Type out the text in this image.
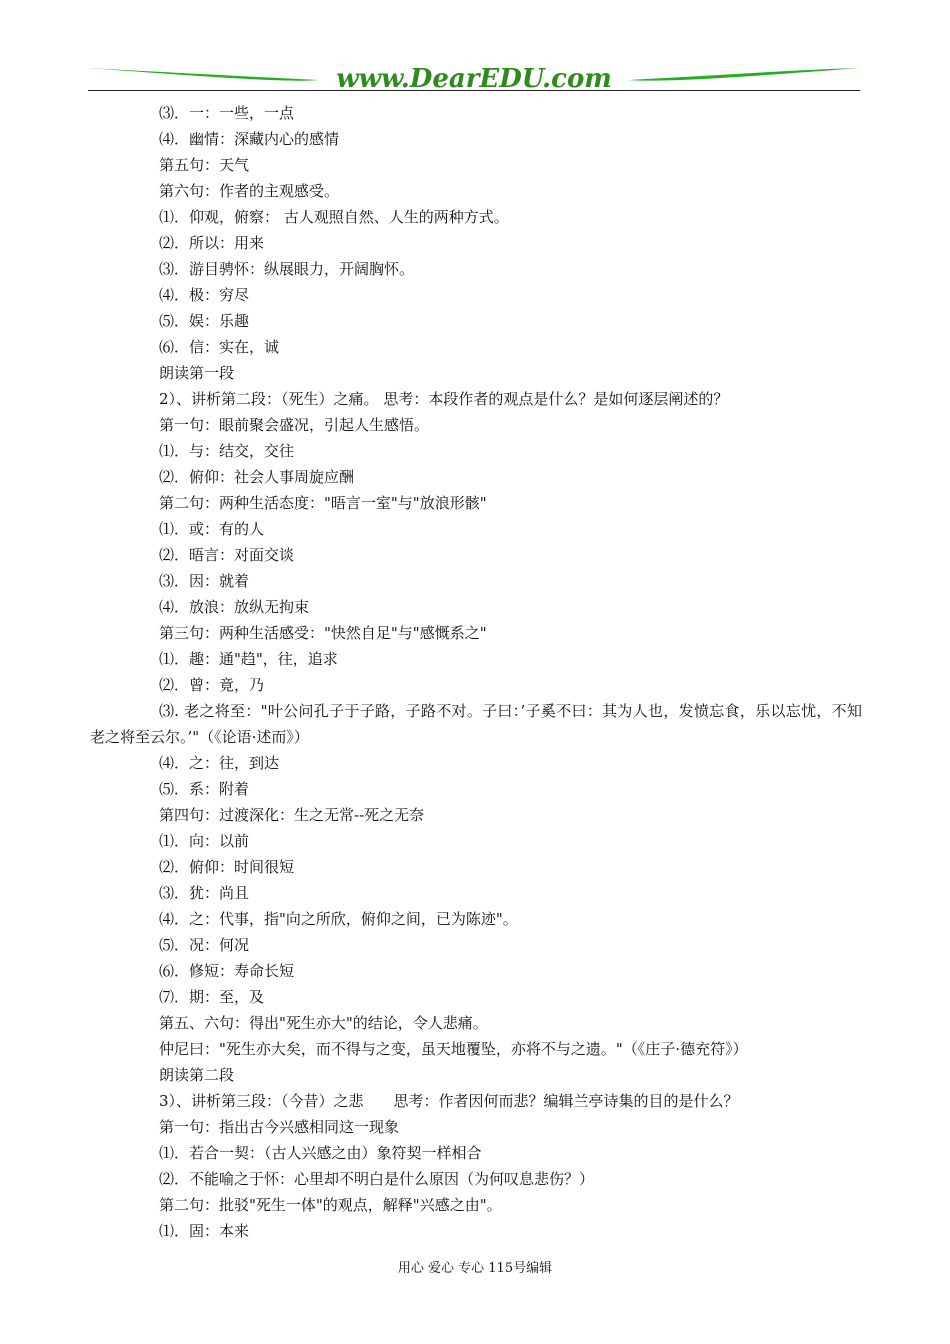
www.DearEDU.com
⑶．一：一些，一点
⑷．幽情：深藏内心的感情
第五句：天气
第六句：作者的主观感受。
⑴．仰观，俯察： 古人观照自然、人生的两种方式。
⑵．所以：用来
⑶．游目骋怀：纵展眼力，开阔胸怀。
⑷．极：穷尽
⑸．娱：乐趣
⑹．信：实在，诚
朗读第一段
2）、讲析第二段：（死生）之痛。 思考：本段作者的观点是什么？是如何逐层阐述的？
第一句：眼前聚会盛况，引起人生感悟。
⑴．与：结交，交往
⑵．俯仰：社会人事周旋应酬
第二句：两种生活态度："晤言一室"与"放浪形骸"
⑴．或：有的人
⑵．晤言：对面交谈
⑶．因：就着
⑷．放浪：放纵无拘束
第三句：两种生活感受："快然自足"与"感慨系之"
⑴．趣：通"趋"，往，追求
⑵．曾：竟，乃
⑶. 老之将至："叶公问孔子于子路，子路不对。子曰：’子奚不曰：其为人也，发愤忘食，乐以忘忧，不知老之将至云尔。’"（《论语·述而》）
⑷．之：往，到达
⑸．系：附着
第四句：过渡深化：生之无常--死之无奈
⑴．向：以前
⑵．俯仰：时间很短
⑶．犹：尚且
⑷．之：代事，指"向之所欣，俯仰之间，已为陈迹"。
⑸．况：何况
⑹．修短：寿命长短
⑺．期：至，及
第五、六句：得出"死生亦大"的结论，令人悲痛。
仲尼曰："死生亦大矣，而不得与之变，虽天地覆坠，亦将不与之遗。"（《庄子·德充符》）
朗读第二段
3）、讲析第三段：（今昔）之悲　　思考：作者因何而悲？编辑兰亭诗集的目的是什么？
第一句：指出古今兴感相同这一现象
⑴．若合一契：（古人兴感之由）象符契一样相合
⑵．不能喻之于怀：心里却不明白是什么原因（为何叹息悲伤？）
第二句：批驳"死生一体"的观点，解释"兴感之由"。
⑴．固：本来
用心 爱心 专心 115号编辑
